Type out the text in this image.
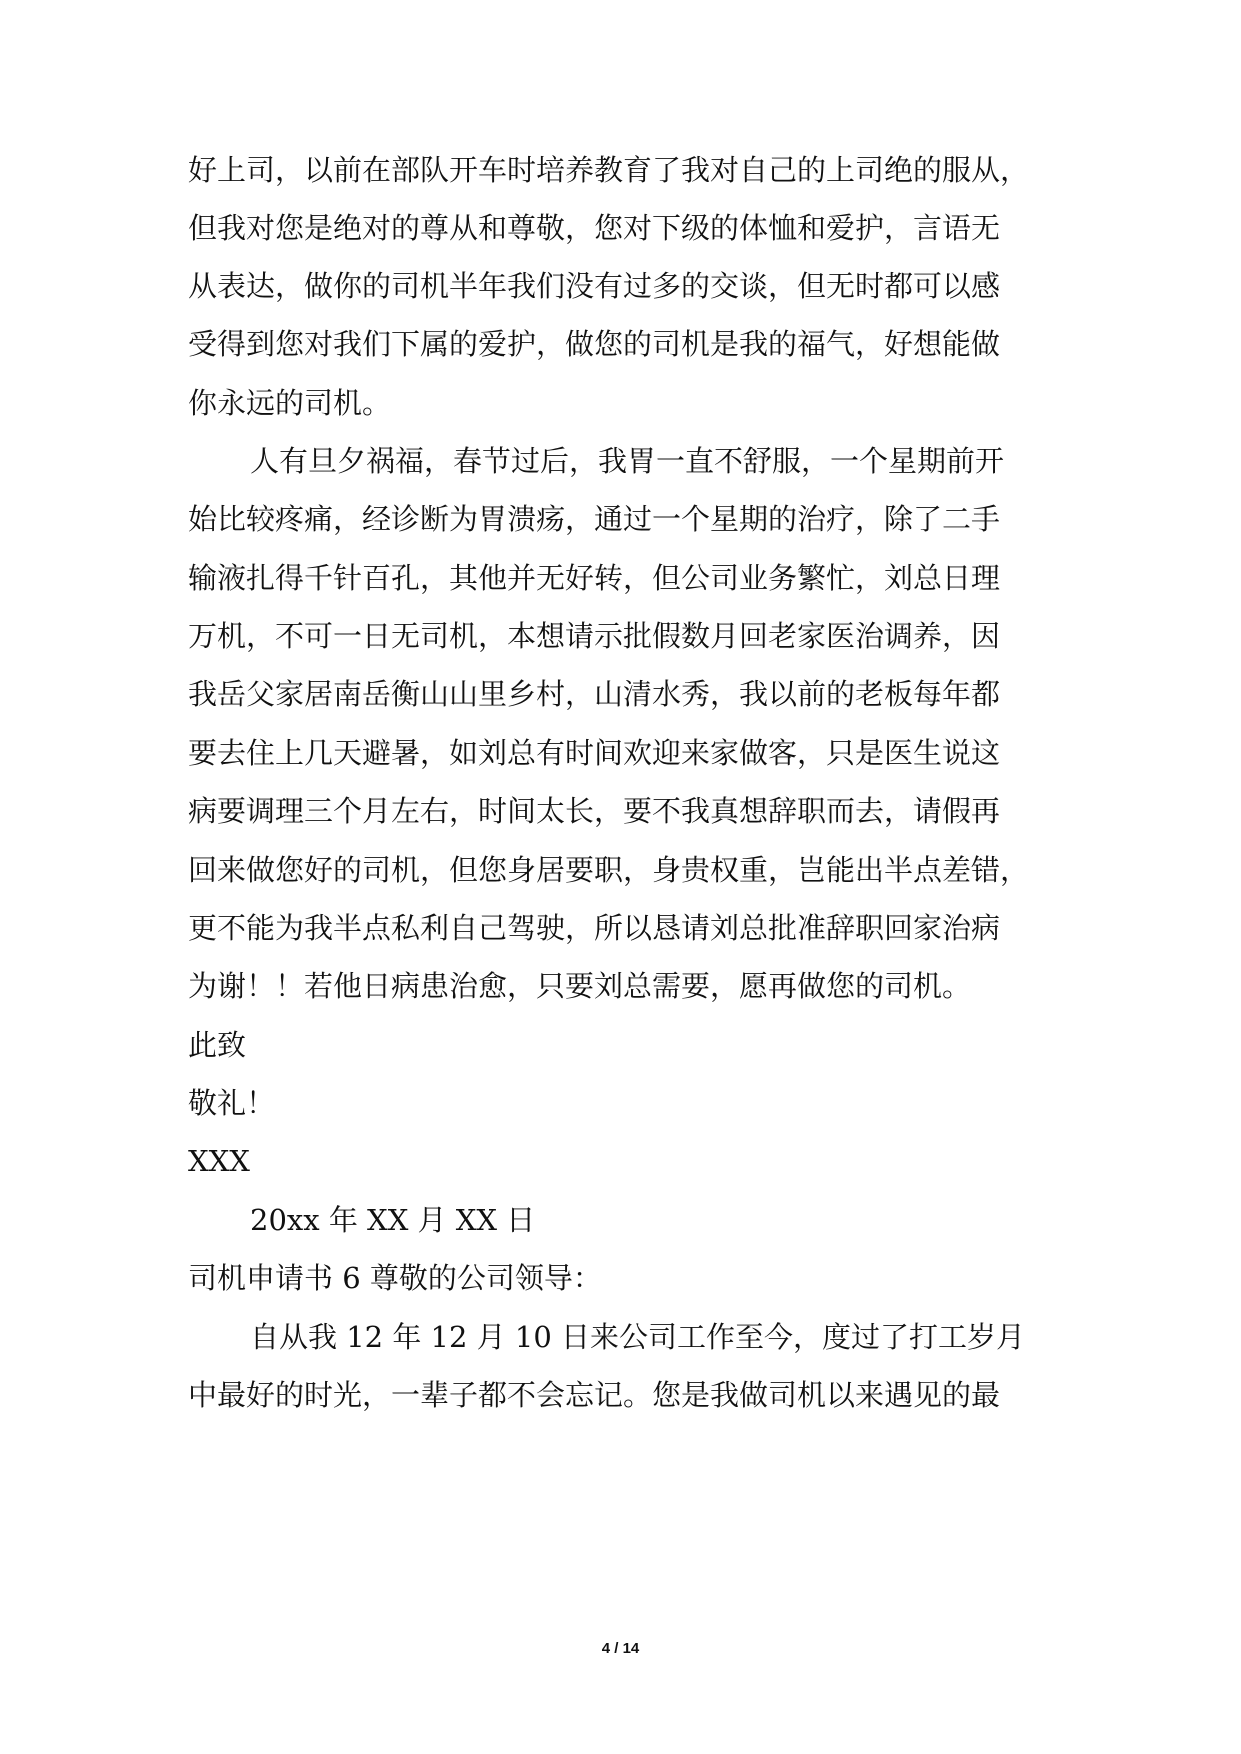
好上司，以前在部队开车时培养教育了我对自己的上司绝的服从，
但我对您是绝对的尊从和尊敬，您对下级的体恤和爱护，言语无
从表达，做你的司机半年我们没有过多的交谈，但无时都可以感
受得到您对我们下属的爱护，做您的司机是我的福气，好想能做
你永远的司机。
人有旦夕祸福，春节过后，我胃一直不舒服，一个星期前开
始比较疼痛，经诊断为胃溃疡，通过一个星期的治疗，除了二手
输液扎得千针百孔，其他并无好转，但公司业务繁忙，刘总日理
万机，不可一日无司机，本想请示批假数月回老家医治调养，因
我岳父家居南岳衡山山里乡村，山清水秀，我以前的老板每年都
要去住上几天避暑，如刘总有时间欢迎来家做客，只是医生说这
病要调理三个月左右，时间太长，要不我真想辞职而去，请假再
回来做您好的司机，但您身居要职，身贵权重，岂能出半点差错，
更不能为我半点私利自己驾驶，所以恳请刘总批准辞职回家治病
为谢！！若他日病患治愈，只要刘总需要，愿再做您的司机。
此致
敬礼！
XXX
20xx 年 XX 月 XX 日
司机申请书 6 尊敬的公司领导：
自从我 12 年 12 月 10 日来公司工作至今，度过了打工岁月
中最好的时光，一辈子都不会忘记。您是我做司机以来遇见的最
4 / 14
